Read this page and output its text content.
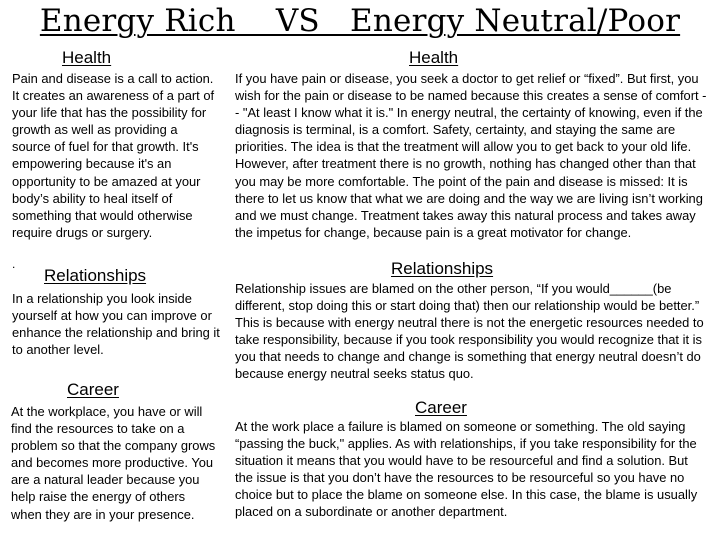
Energy Rich    VS   Energy Neutral/Poor
Health

Pain and disease is a call to action. It creates an awareness of a part of your life that has the possibility for growth as well as providing a source of fuel for that growth. It's empowering because it's an opportunity to be amazed at your body’s ability to heal itself of something that would otherwise require drugs or surgery.

.
Relationships

In a relationship you look inside yourself at how you can improve or enhance the relationship and bring it to another level.

Career

At the workplace, you have or will find the resources to take on a problem so that the company grows and becomes more productive. You are a natural leader because you help raise the energy of others when they are in your presence.

Health

If you have pain or disease, you seek a doctor to get relief or “fixed”. But first, you wish for the pain or disease to be named because this creates a sense of comfort -- "At least I know what it is." In energy neutral, the certainty of knowing, even if the diagnosis is terminal, is a comfort. Safety, certainty, and staying the same are priorities. The idea is that the treatment will allow you to get back to your old life. However, after treatment there is no growth, nothing has changed other than that you may be more comfortable. The point of the pain and disease is missed: It is there to let us know that what we are doing and the way we are living isn’t working and we must change. Treatment takes away this natural process and takes away the impetus for change, because pain is a great motivator for change.

Relationships

Relationship issues are blamed on the other person, “If you would______(be different, stop doing this or start doing that) then our relationship would be better.” This is because with energy neutral there is not the energetic resources needed to take responsibility, because if you took responsibility you would recognize that it is you that needs to change and change is something that energy neutral doesn’t do because energy neutral seeks status quo.

Career

At the work place a failure is blamed on someone or something. The old saying “passing the buck," applies. As with relationships, if you take responsibility for the situation it means that you would have to be resourceful and find a solution. But the issue is that you don’t have the resources to be resourceful so you have no choice but to place the blame on someone else. In this case, the blame is usually placed on a subordinate or another department.
